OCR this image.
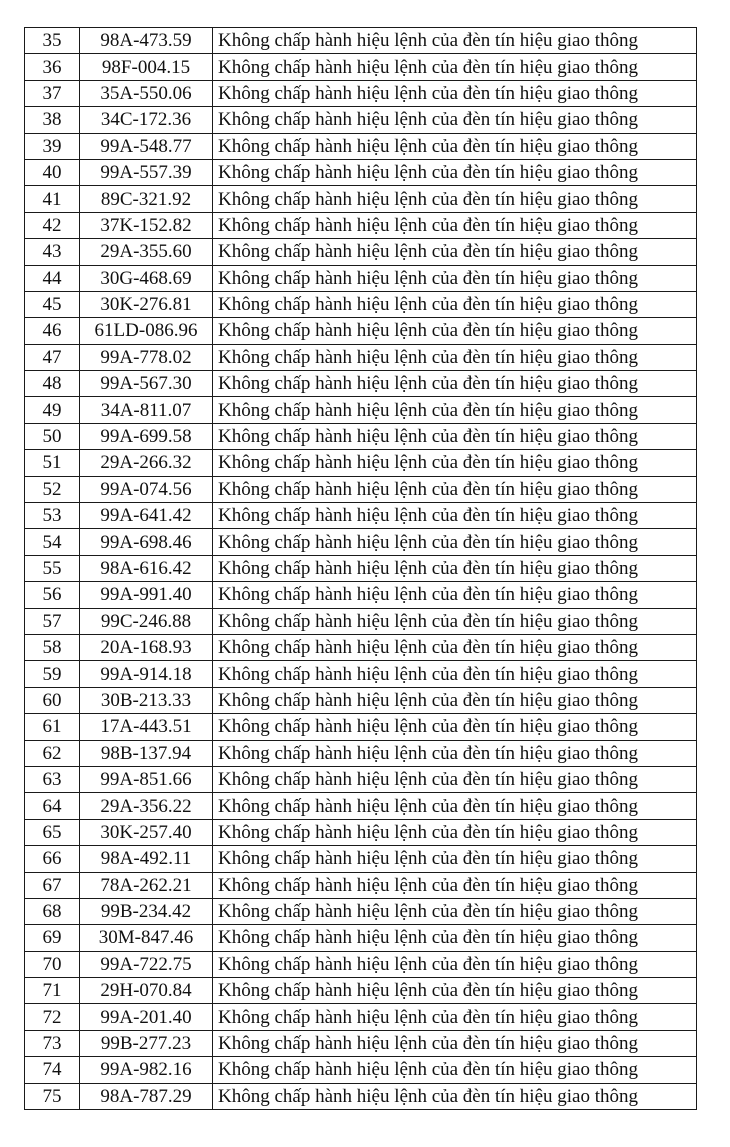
35	98A-473.59	Không chấp hành hiệu lệnh của đèn tín hiệu giao thông
36	98F-004.15	Không chấp hành hiệu lệnh của đèn tín hiệu giao thông
37	35A-550.06	Không chấp hành hiệu lệnh của đèn tín hiệu giao thông
38	34C-172.36	Không chấp hành hiệu lệnh của đèn tín hiệu giao thông
39	99A-548.77	Không chấp hành hiệu lệnh của đèn tín hiệu giao thông
40	99A-557.39	Không chấp hành hiệu lệnh của đèn tín hiệu giao thông
41	89C-321.92	Không chấp hành hiệu lệnh của đèn tín hiệu giao thông
42	37K-152.82	Không chấp hành hiệu lệnh của đèn tín hiệu giao thông
43	29A-355.60	Không chấp hành hiệu lệnh của đèn tín hiệu giao thông
44	30G-468.69	Không chấp hành hiệu lệnh của đèn tín hiệu giao thông
45	30K-276.81	Không chấp hành hiệu lệnh của đèn tín hiệu giao thông
46	61LD-086.96	Không chấp hành hiệu lệnh của đèn tín hiệu giao thông
47	99A-778.02	Không chấp hành hiệu lệnh của đèn tín hiệu giao thông
48	99A-567.30	Không chấp hành hiệu lệnh của đèn tín hiệu giao thông
49	34A-811.07	Không chấp hành hiệu lệnh của đèn tín hiệu giao thông
50	99A-699.58	Không chấp hành hiệu lệnh của đèn tín hiệu giao thông
51	29A-266.32	Không chấp hành hiệu lệnh của đèn tín hiệu giao thông
52	99A-074.56	Không chấp hành hiệu lệnh của đèn tín hiệu giao thông
53	99A-641.42	Không chấp hành hiệu lệnh của đèn tín hiệu giao thông
54	99A-698.46	Không chấp hành hiệu lệnh của đèn tín hiệu giao thông
55	98A-616.42	Không chấp hành hiệu lệnh của đèn tín hiệu giao thông
56	99A-991.40	Không chấp hành hiệu lệnh của đèn tín hiệu giao thông
57	99C-246.88	Không chấp hành hiệu lệnh của đèn tín hiệu giao thông
58	20A-168.93	Không chấp hành hiệu lệnh của đèn tín hiệu giao thông
59	99A-914.18	Không chấp hành hiệu lệnh của đèn tín hiệu giao thông
60	30B-213.33	Không chấp hành hiệu lệnh của đèn tín hiệu giao thông
61	17A-443.51	Không chấp hành hiệu lệnh của đèn tín hiệu giao thông
62	98B-137.94	Không chấp hành hiệu lệnh của đèn tín hiệu giao thông
63	99A-851.66	Không chấp hành hiệu lệnh của đèn tín hiệu giao thông
64	29A-356.22	Không chấp hành hiệu lệnh của đèn tín hiệu giao thông
65	30K-257.40	Không chấp hành hiệu lệnh của đèn tín hiệu giao thông
66	98A-492.11	Không chấp hành hiệu lệnh của đèn tín hiệu giao thông
67	78A-262.21	Không chấp hành hiệu lệnh của đèn tín hiệu giao thông
68	99B-234.42	Không chấp hành hiệu lệnh của đèn tín hiệu giao thông
69	30M-847.46	Không chấp hành hiệu lệnh của đèn tín hiệu giao thông
70	99A-722.75	Không chấp hành hiệu lệnh của đèn tín hiệu giao thông
71	29H-070.84	Không chấp hành hiệu lệnh của đèn tín hiệu giao thông
72	99A-201.40	Không chấp hành hiệu lệnh của đèn tín hiệu giao thông
73	99B-277.23	Không chấp hành hiệu lệnh của đèn tín hiệu giao thông
74	99A-982.16	Không chấp hành hiệu lệnh của đèn tín hiệu giao thông
75	98A-787.29	Không chấp hành hiệu lệnh của đèn tín hiệu giao thông
